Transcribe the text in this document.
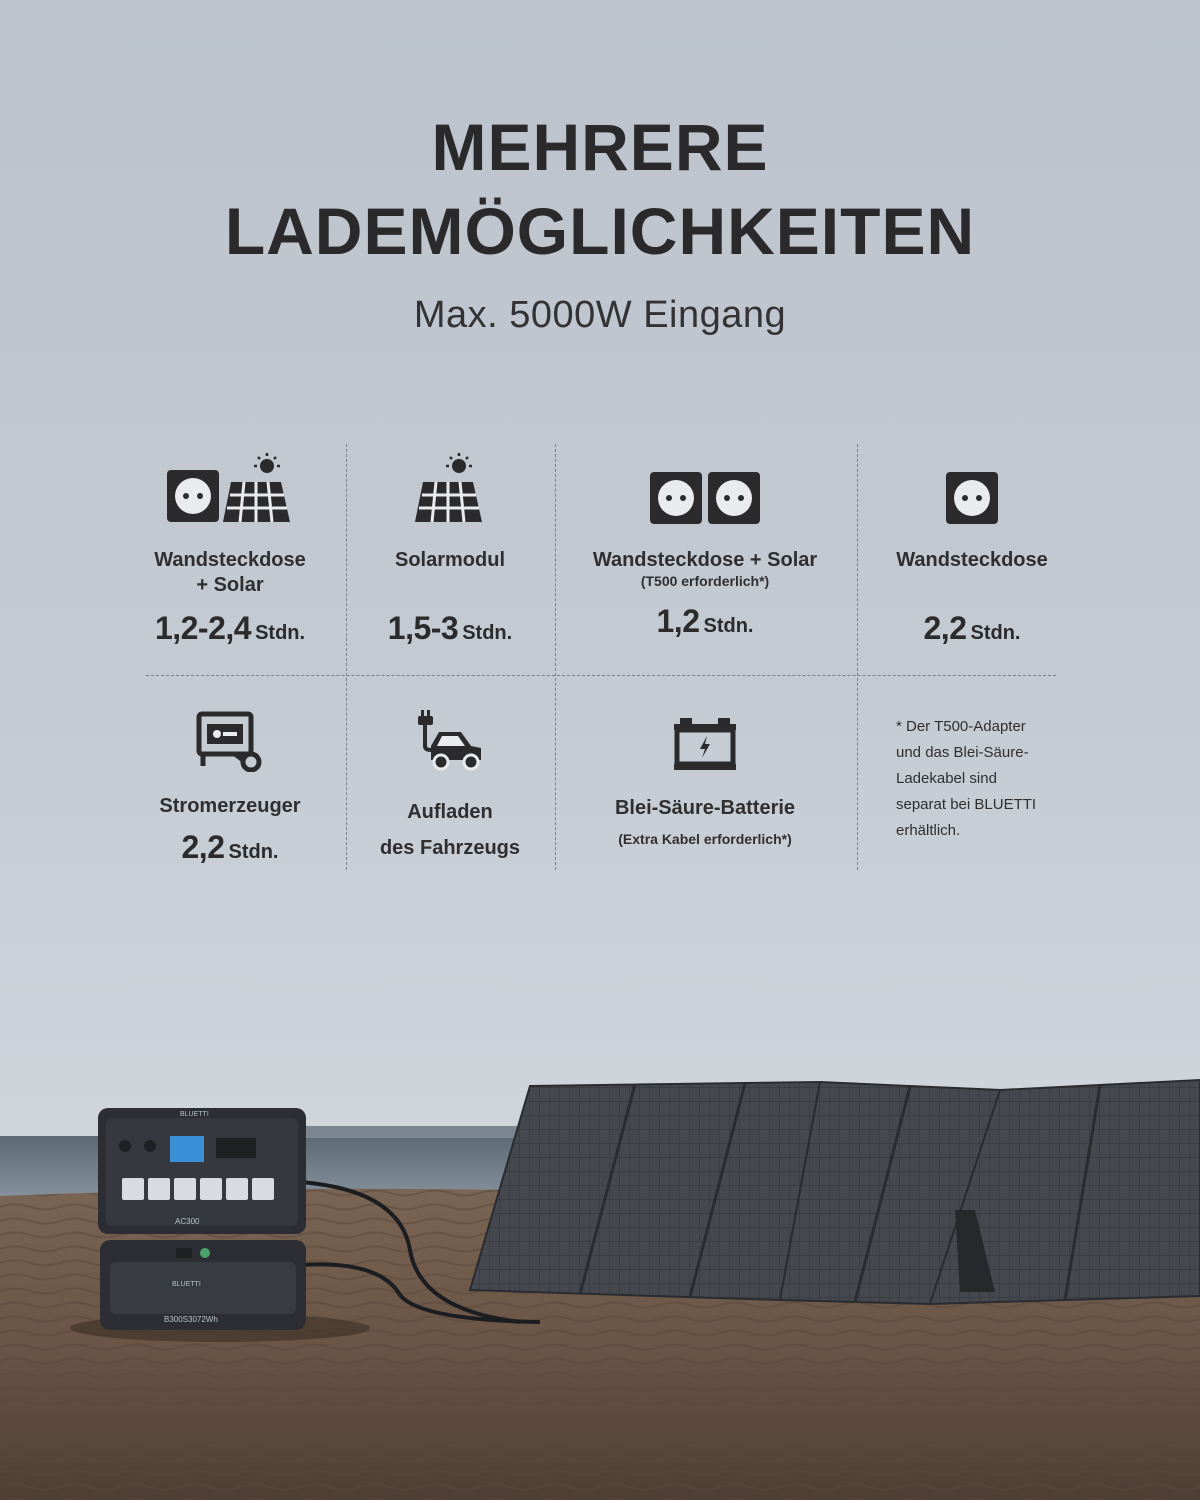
MEHRERE
LADEMÖGLICHKEITEN
Max. 5000W Eingang
Wandsteckdose
+ Solar
1,2-2,4 Stdn.
Solarmodul
1,5-3 Stdn.
Wandsteckdose + Solar
(T500 erforderlich*)
1,2 Stdn.
Wandsteckdose
2,2 Stdn.
Stromerzeuger
2,2 Stdn.
Aufladen
des Fahrzeugs
Blei-Säure-Batterie
(Extra Kabel erforderlich*)
* Der T500-Adapter
und das Blei-Säure-
Ladekabel sind
separat bei BLUETTI
erhältlich.
BLUETTI
AC300
BLUETTI
B300S 3072Wh
